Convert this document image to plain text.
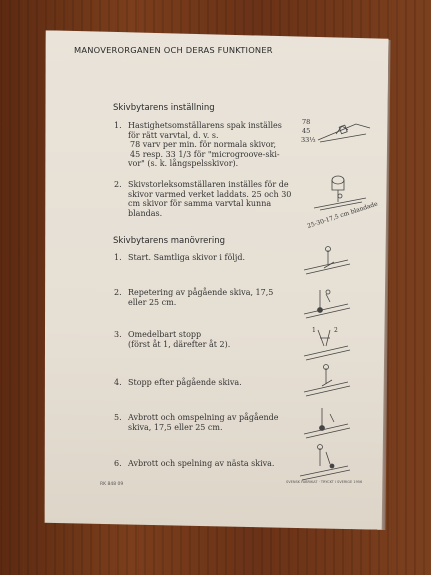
MANOVERORGANEN OCH DERAS FUNKTIONER
Skivbytarens inställning
1. Hastighetsomställarens spak inställes
för rätt varvtal, d. v. s.
78 varv per min. för normala skivor,
45 resp. 33 1/3 för "microgroove-ski-
vor" (s. k. långspelsskivor).
2. Skivstorleksomställaren inställes för de
skivor varmed verket laddats. 25 och 30
cm skivor för samma varvtal kunna
blandas.
Skivbytarens manövrering
1. Start. Samtliga skivor i följd.
2. Repetering av pågående skiva, 17,5
eller 25 cm.
3. Omedelbart stopp
(först åt 1, därefter åt 2).
4. Stopp efter pågående skiva.
5. Avbrott och omspelning av pågående
skiva, 17,5 eller 25 cm.
6. Avbrott och spelning av nästa skiva.
78
45
33⅓
25-30-17,5 cm blandade
1	2
RK 848 09	SVENSK FABRIKAT · TRYCKT I SVERIGE 1956
